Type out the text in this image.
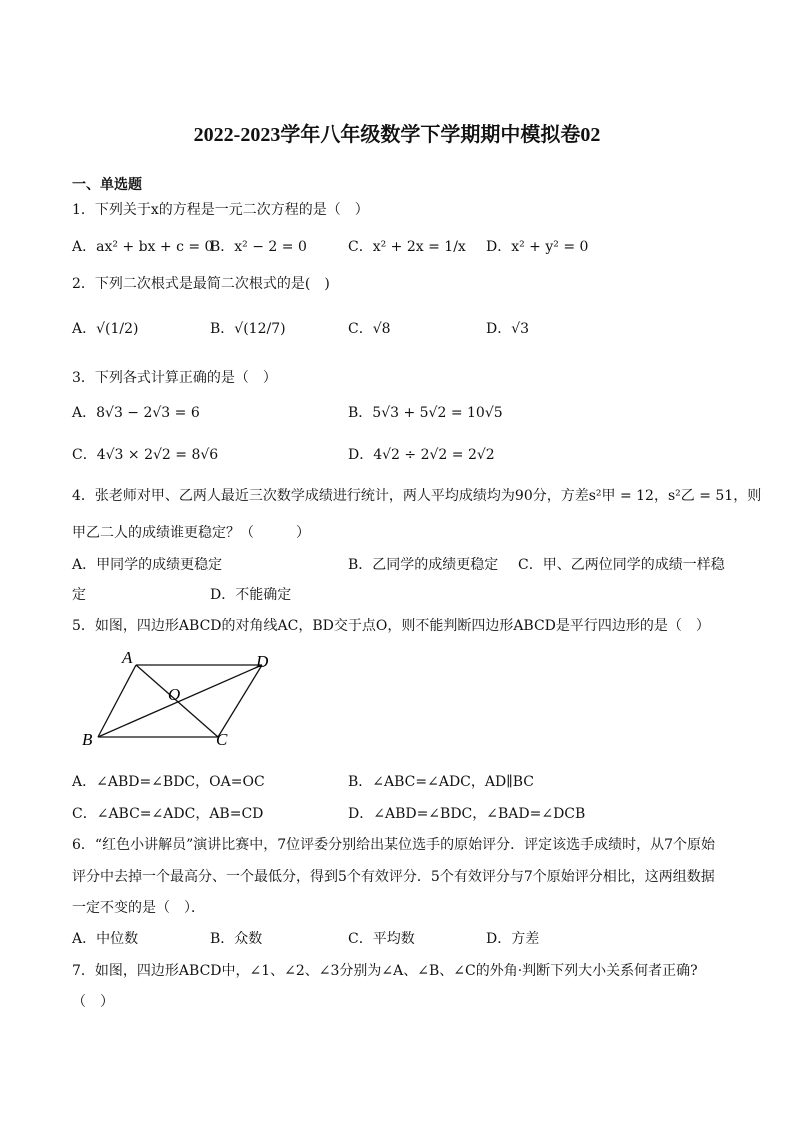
2022-2023学年八年级数学下学期期中模拟卷02
一、单选题
1．下列关于x的方程是一元二次方程的是（　）
A．ax² + bx + c = 0
B．x² − 2 = 0	C．x² + 2x = 1/x D．x² + y² = 0
2．下列二次根式是最简二次根式的是(　)
A．√(1/2)	B．√(12/7)	C．√8	D．√3
3．下列各式计算正确的是（　）
A．8√3 − 2√3 = 6	B．5√3 + 5√2 = 10√5
C．4√3 × 2√2 = 8√6	D．4√2 ÷ 2√2 = 2√2
4．张老师对甲、乙两人最近三次数学成绩进行统计，两人平均成绩均为90分，方差s²甲 = 12，s²乙 = 51，则
甲乙二人的成绩谁更稳定？（　　　）
A．甲同学的成绩更稳定	B．乙同学的成绩更稳定 C．甲、乙两位同学的成绩一样稳
定	D．不能确定
5．如图，四边形ABCD的对角线AC，BD交于点O，则不能判断四边形ABCD是平行四边形的是（　）
A	D
O
B	C
A．∠ABD=∠BDC，OA=OC	B．∠ABC=∠ADC，AD∥BC
C．∠ABC=∠ADC，AB=CD	D．∠ABD=∠BDC，∠BAD=∠DCB
6．“红色小讲解员”演讲比赛中，7位评委分别给出某位选手的原始评分．评定该选手成绩时，从7个原始
评分中去掉一个最高分、一个最低分，得到5个有效评分．5个有效评分与7个原始评分相比，这两组数据
一定不变的是（　）．
A．中位数	B．众数	C．平均数	D．方差
7．如图，四边形ABCD中，∠1、∠2、∠3分别为∠A、∠B、∠C的外角·判断下列大小关系何者正确?
（　）
